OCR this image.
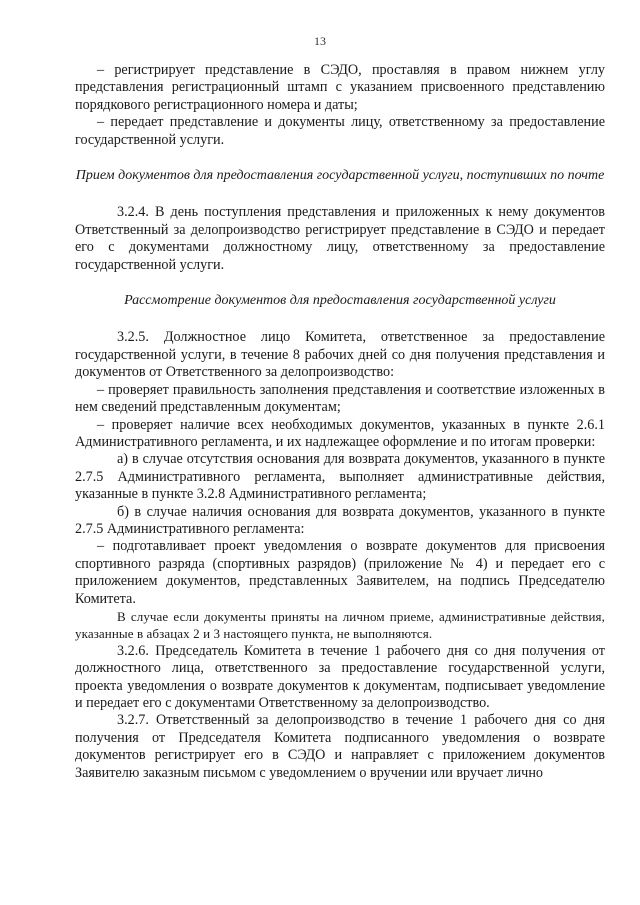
13

– регистрирует представление в СЭДО, проставляя в правом нижнем углу представления регистрационный штамп с указанием присвоенного представлению порядкового регистрационного номера и даты;

– передает представление и документы лицу, ответственному за предоставление государственной услуги.

Прием документов для предоставления государственной услуги, поступивших по почте

3.2.4. В день поступления представления и приложенных к нему документов Ответственный за делопроизводство регистрирует представление в СЭДО и передает его с документами должностному лицу, ответственному за предоставление государственной услуги.

Рассмотрение документов для предоставления государственной услуги

3.2.5. Должностное лицо Комитета, ответственное за предоставление государственной услуги, в течение 8 рабочих дней со дня получения представления и документов от Ответственного за делопроизводство:

– проверяет правильность заполнения представления и соответствие изложенных в нем сведений представленным документам;

– проверяет наличие всех необходимых документов, указанных в пункте 2.6.1 Административного регламента, и их надлежащее оформление и по итогам проверки:

а) в случае отсутствия основания для возврата документов, указанного в пункте 2.7.5 Административного регламента, выполняет административные действия, указанные в пункте 3.2.8 Административного регламента;

б) в случае наличия основания для возврата документов, указанного в пункте 2.7.5 Административного регламента:

– подготавливает проект уведомления о возврате документов для присвоения спортивного разряда (спортивных разрядов) (приложение № 4) и передает его с приложением документов, представленных Заявителем, на подпись Председателю Комитета.

В случае если документы приняты на личном приеме, административные действия, указанные в абзацах 2 и 3 настоящего пункта, не выполняются.

3.2.6. Председатель Комитета в течение 1 рабочего дня со дня получения от должностного лица, ответственного за предоставление государственной услуги, проекта уведомления о возврате документов к документам, подписывает уведомление и передает его с документами Ответственному за делопроизводство.

3.2.7. Ответственный за делопроизводство в течение 1 рабочего дня со дня получения от Председателя Комитета подписанного уведомления о возврате документов регистрирует его в СЭДО и направляет с приложением документов Заявителю заказным письмом с уведомлением о вручении или вручает лично
